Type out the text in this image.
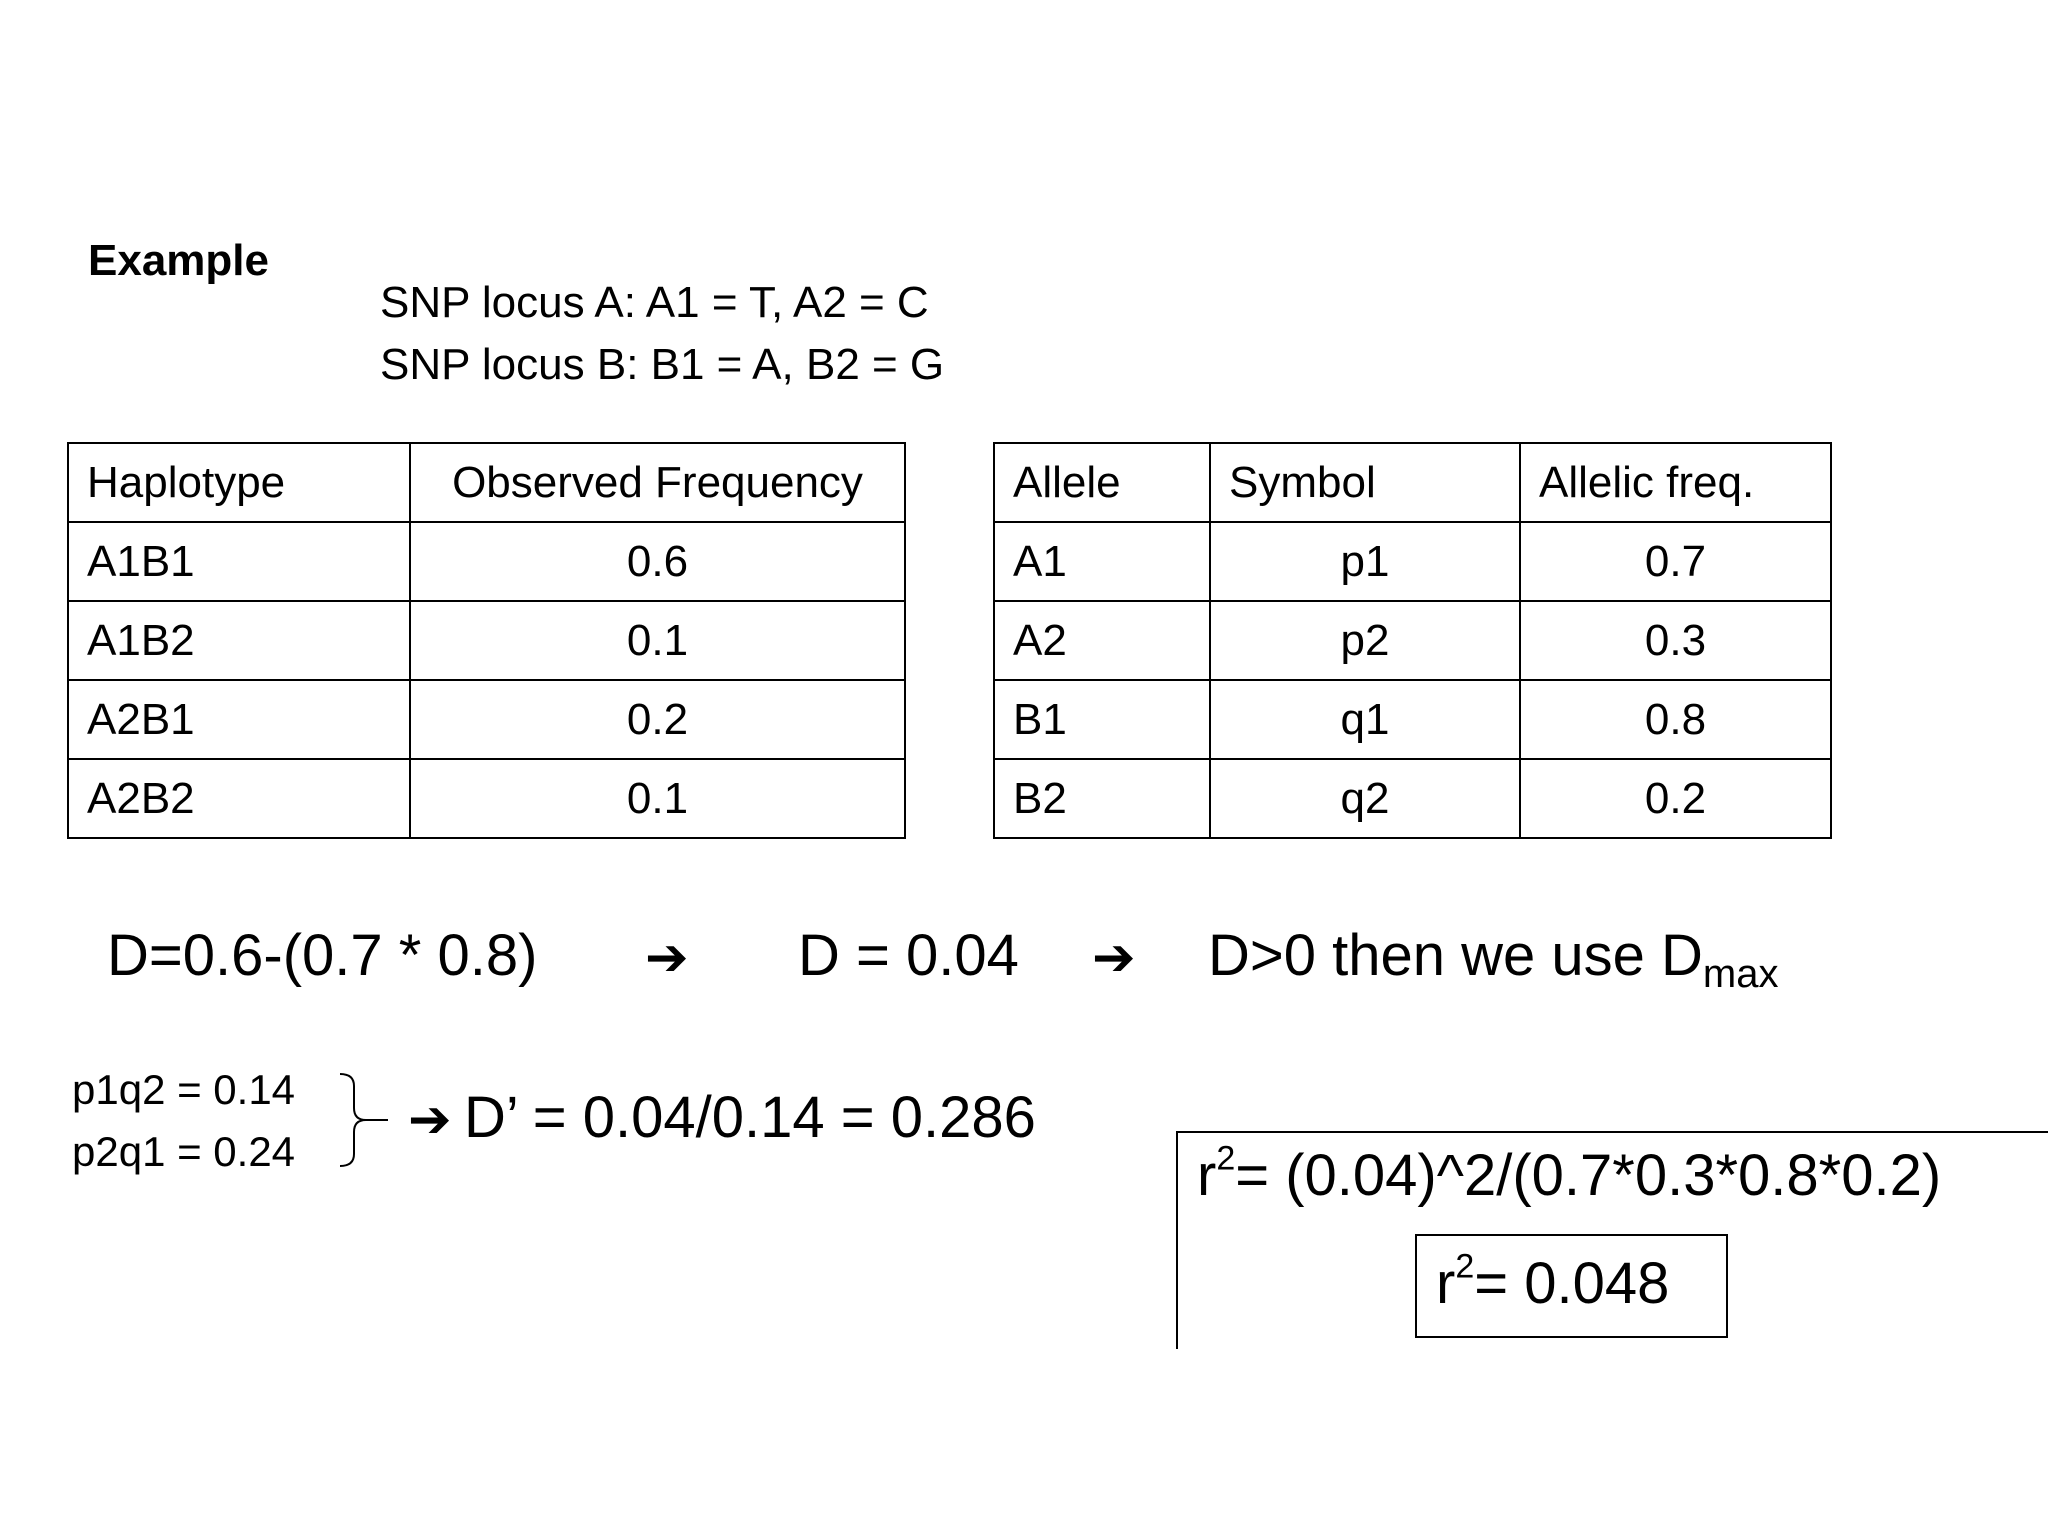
Example
SNP locus A: A1 = T, A2 = C
SNP locus B: B1 = A, B2 = G
Haplotype	Observed Frequency
A1B1	0.6
A1B2	0.1
A2B1	0.2
A2B2	0.1
Allele	Symbol	Allelic freq.
A1	p1	0.7
A2	p2	0.3
B1	q1	0.8
B2	q2	0.2
D=0.6-(0.7 * 0.8) ➔ D = 0.04 ➔ D>0 then we use $D_{max}$
p1q2 = 0.14
p2q1 = 0.24
➔ D’ = 0.04/0.14 = 0.286
$r^2=$ (0.04)^2/(0.7*0.3*0.8*0.2)
$r^2= 0.048$
